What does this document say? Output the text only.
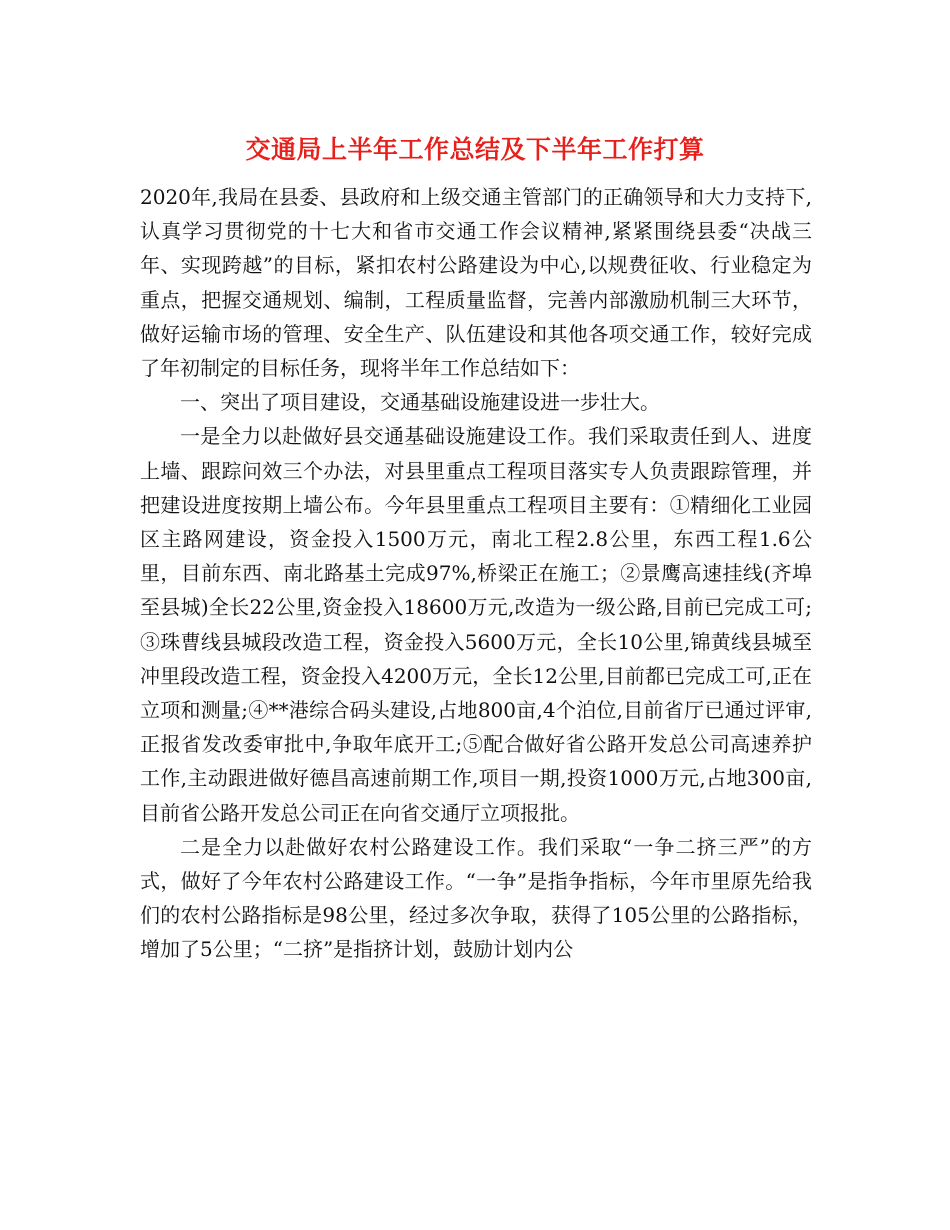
交通局上半年工作总结及下半年工作打算

2020年,我局在县委、县政府和上级交通主管部门的正确领导和大力支持下,认真学习贯彻党的十七大和省市交通工作会议精神,紧紧围绕县委“决战三年、实现跨越”的目标，紧扣农村公路建设为中心,以规费征收、行业稳定为重点，把握交通规划、编制，工程质量监督，完善内部激励机制三大环节，做好运输市场的管理、安全生产、队伍建设和其他各项交通工作，较好完成了年初制定的目标任务，现将半年工作总结如下：

一、突出了项目建设，交通基础设施建设进一步壮大。

一是全力以赴做好县交通基础设施建设工作。我们采取责任到人、进度上墙、跟踪问效三个办法，对县里重点工程项目落实专人负责跟踪管理，并把建设进度按期上墙公布。今年县里重点工程项目主要有：①精细化工业园区主路网建设，资金投入1500万元，南北工程2.8公里，东西工程1.6公里，目前东西、南北路基土完成97%,桥梁正在施工；②景鹰高速挂线(齐埠至县城)全长22公里,资金投入18600万元,改造为一级公路,目前已完成工可;③珠曹线县城段改造工程，资金投入5600万元，全长10公里,锦黄线县城至冲里段改造工程，资金投入4200万元，全长12公里,目前都已完成工可,正在立项和测量;④**港综合码头建设,占地800亩,4个泊位,目前省厅已通过评审,正报省发改委审批中,争取年底开工;⑤配合做好省公路开发总公司高速养护工作,主动跟进做好德昌高速前期工作,项目一期,投资1000万元,占地300亩,目前省公路开发总公司正在向省交通厅立项报批。

二是全力以赴做好农村公路建设工作。我们采取“一争二挤三严”的方式，做好了今年农村公路建设工作。“一争”是指争指标，今年市里原先给我们的农村公路指标是98公里，经过多次争取，获得了105公里的公路指标，增加了5公里；“二挤”是指挤计划，鼓励计划内公
